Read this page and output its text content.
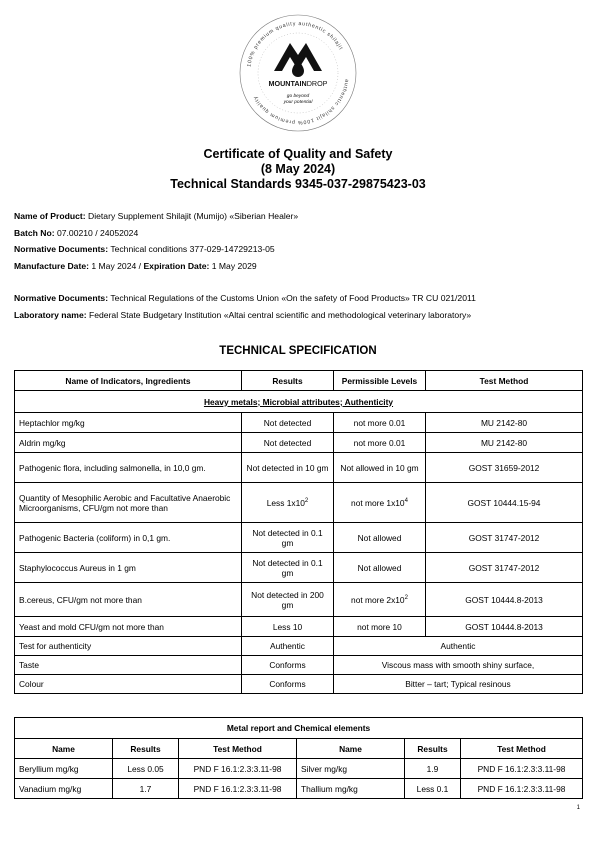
100% premium quality authentic shilajit
authentic shilajit 100% premium quality
MOUNTAINDROP
go beyond
your potential
Certificate of Quality and Safety
(8 May 2024)
Technical Standards 9345-037-29875423-03
Name of Product: Dietary Supplement Shilajit (Mumijo) «Siberian Healer»
Batch No: 07.00210 / 24052024
Normative Documents: Technical conditions 377-029-14729213-05
Manufacture Date: 1 May 2024 / Expiration Date: 1 May 2029
Normative Documents: Technical Regulations of the Customs Union «On the safety of Food Products» TR CU 021/2011
Laboratory name: Federal State Budgetary Institution «Altai central scientific and methodological veterinary laboratory»
TECHNICAL SPECIFICATION
Name of Indicators, Ingredients	Results	Permissible Levels	Test Method
Heavy metals; Microbial attributes; Authenticity			
Heptachlor mg/kg	Not detected	not more 0.01	MU 2142-80
Aldrin mg/kg	Not detected	not more 0.01	MU 2142-80
Pathogenic flora, including salmonella, in 10,0 gm.	Not detected in 10 gm	Not allowed in 10 gm	GOST 31659-2012
Quantity of Mesophilic Aerobic and Facultative Anaerobic Microorganisms, CFU/gm not more than	Less $1x10^2$	not more $1x10^4$	GOST 10444.15-94
Pathogenic Bacteria (coliform) in 0,1 gm.	Not detected in 0.1 gm	Not allowed	GOST 31747-2012
Staphylococcus Aureus in 1 gm	Not detected in 0.1 gm	Not allowed	GOST 31747-2012
B.cereus, CFU/gm not more than	Not detected in 200 gm	not more $2x10^2$	GOST 10444.8-2013
Yeast and mold CFU/gm not more than	Less 10	not more 10	GOST 10444.8-2013
Test for authenticity	Authentic	Authentic	
Taste	Conforms	Viscous mass with smooth shiny surface,	
Colour	Conforms	Bitter – tart; Typical resinous	
Metal report and Chemical elements					
Name	Results	Test Method	Name	Results	Test Method
Beryllium mg/kg	Less 0.05	PND F 16.1:2.3:3.11-98	Silver mg/kg	1.9	PND F 16.1:2.3:3.11-98
Vanadium mg/kg	1.7	PND F 16.1:2.3:3.11-98	Thallium mg/kg	Less 0.1	PND F 16.1:2.3:3.11-98
1
